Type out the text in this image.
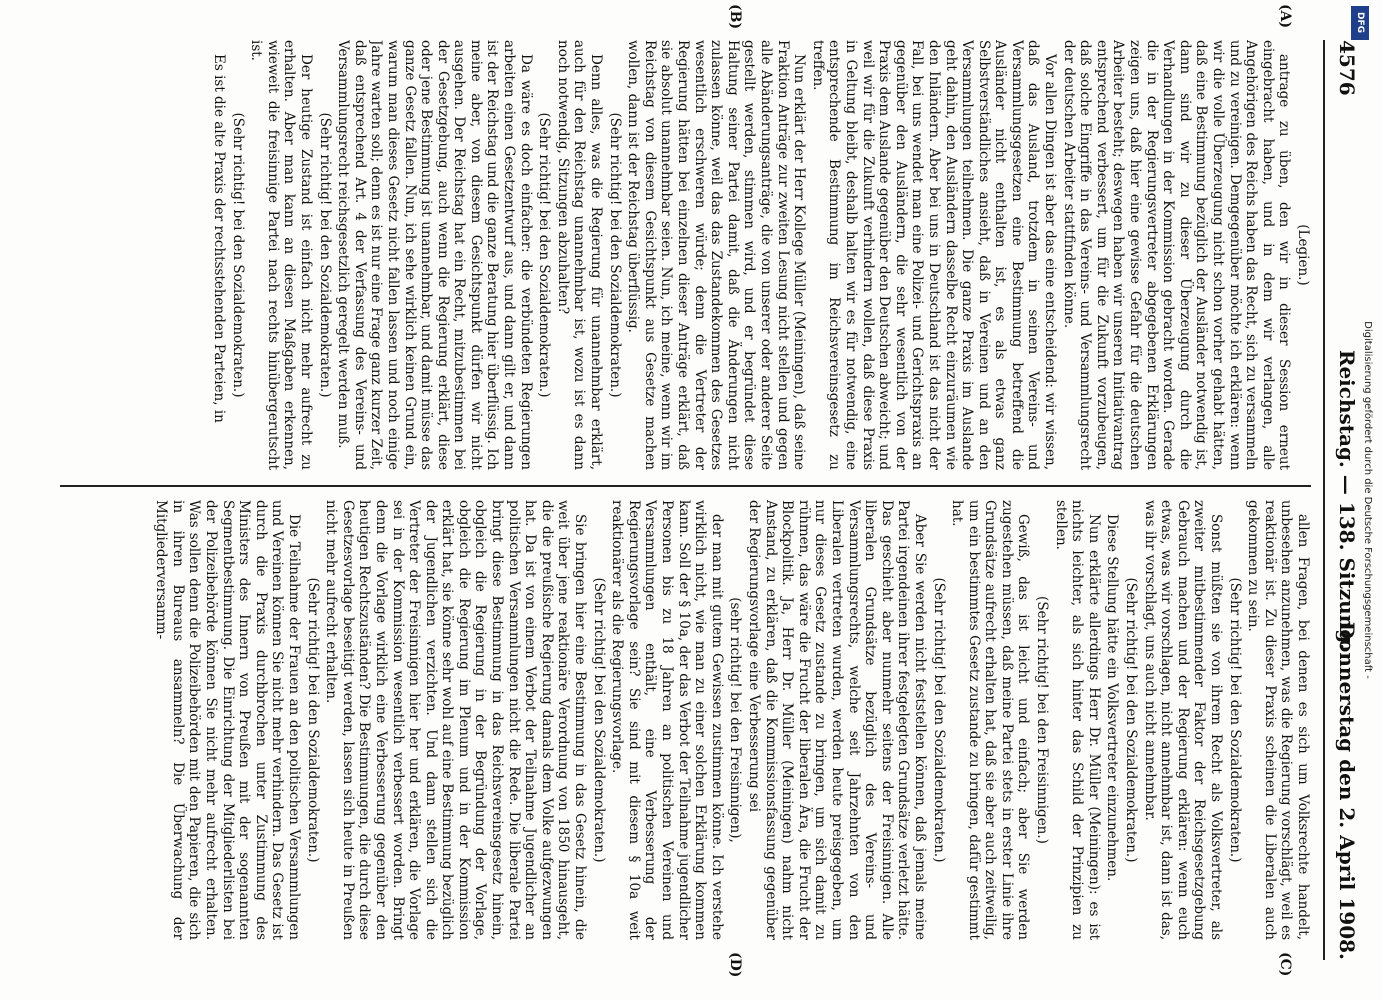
4576
Reichstag. — 138. Sitzung.
Donnerstag den 2. April 1908.
(A)
(B)
(C)
(D)

(Legien.)

antrage zu üben, den wir in dieser Session erneut eingebracht haben, und in dem wir verlangen, alle Angehörigen des Reichs haben das Recht, sich zu versammeln und zu vereinigen. Demgegenüber möchte ich erklären: wenn wir die volle Überzeugung nicht schon vorher gehabt hätten, daß eine Bestimmung bezüglich der Ausländer notwendig ist, dann sind wir zu dieser Überzeugung durch die Verhandlungen in der Kommission gebracht worden. Gerade die in der Regierungsvertreter abgegebenen Erklärungen zeigen uns, daß hier eine gewisse Gefahr für die deutschen Arbeiter besteht; deswegen haben wir unseren Initiativantrag entsprechend verbessert, um für die Zukunft vorzubeugen, daß solche Eingriffe in das Vereins- und Versammlungsrecht der deutschen Arbeiter stattfinden könne.

Vor allen Dingen ist aber das eine entscheidend: wir wissen, daß das Ausland, trotzdem in seinen Vereins- und Versammlungsgesetzen eine Bestimmung betreffend die Ausländer nicht enthalten ist, es als etwas ganz Selbstverständliches ansieht, daß in Vereinen und an den Versammlungen teilnehmen. Die ganze Praxis im Auslande geht dahin, den Ausländern dasselbe Recht einzuräumen wie den Inländern. Aber bei uns in Deutschland ist das nicht der Fall, bei uns wendet man eine Polizei- und Gerichtspraxis an gegenüber den Ausländern, die sehr wesentlich von der Praxis dem Auslande gegenüber den Deutschen abweicht; und weil wir für die Zukunft verhindern wollen, daß diese Praxis in Geltung bleibt, deshalb halten wir es für notwendig, eine entsprechende Bestimmung im Reichsvereinsgesetz zu treffen.

Nun erklärt der Herr Kollege Müller (Meiningen), daß seine Fraktion Anträge zur zweiten Lesung nicht stellen und gegen alle Abänderungsanträge, die von unserer oder anderer Seite gestellt werden, stimmen wird, und er begründet diese Haltung seiner Partei damit, daß die Änderungen nicht zulassen könne, weil das das Zustandekommen des Gesetzes wesentlich erschweren würde; denn die Vertreter der Regierung hätten bei einzelnen dieser Anträge erklärt, daß sie absolut unannehmbar seien. Nun, ich meine, wenn wir im Reichstag von diesem Gesichtspunkt aus Gesetze machen wollen, dann ist der Reichstag überflüssig.

(Sehr richtig! bei den Sozialdemokraten.)

Denn alles, was die Regierung für unannehmbar erklärt, auch für den Reichstag unannehmbar ist, wozu ist es dann noch notwendig, Sitzungen abzuhalten?

(Sehr richtig! bei den Sozialdemokraten.)

Da wäre es doch einfacher: die verbündeten Regierungen arbeiten einen Gesetzentwurf aus, und dann gilt er, und dann ist der Reichstag und die ganze Beratung hier überflüssig. Ich meine aber, von diesem Gesichtspunkt dürfen wir nicht ausgehen. Der Reichstag hat ein Recht, mitzubestimmen bei der Gesetzgebung, auch wenn die Regierung erklärt, diese oder jene Bestimmung ist unannehmbar, und damit müsse das ganze Gesetz fallen. Nun, ich sehe wirklich keinen Grund ein, warum man dieses Gesetz nicht fallen lassen und noch einige Jahre warten soll; denn es ist nur eine Frage ganz kurzer Zeit, daß entsprechend Art. 4 der Verfassung des Vereins- und Versammlungsrecht reichsgesetzlich geregelt werden muß.

(Sehr richtig! bei den Sozialdemokraten.)

Der heutige Zustand ist einfach nicht mehr aufrecht zu erhalten. Aber man kann an diesen Maßgaben erkennen, wieweit die freisinnige Partei nach rechts hinübergerutscht ist.

(Sehr richtig! bei den Sozialdemokraten.)

Es ist die alte Praxis der rechtsstehenden Parteien, in

allen Fragen, bei denen es sich um Volksrechte handelt, unbesehen anzunehmen, was die Regierung vorschlägt, weil es reaktionär ist. Zu dieser Praxis scheinen die Liberalen auch gekommen zu sein.

(Sehr richtig! bei den Sozialdemokraten.)

Sonst müßten sie von ihrem Recht als Volksvertreter, als zweiter mitbestimmender Faktor der Reichsgesetzgebung Gebrauch machen und der Regierung erklären: wenn euch etwas, was wir vorschlagen, nicht annehmbar ist, dann ist das, was ihr vorschlagt, uns auch nicht annehmbar.

(Sehr richtig! bei den Sozialdemokraten.)

Diese Stellung hätte ein Volksvertreter einzunehmen.

Nun erklärte allerdings Herr Dr. Müller (Meiningen): es ist nichts leichter, als sich hinter das Schild der Prinzipien zu stellen.

(Sehr richtig! bei den Freisinnigen.)

Gewiß, das ist leicht und einfach; aber Sie werden zugestehen müssen, daß meine Partei stets in erster Linie ihre Grundsätze aufrecht erhalten hat, daß sie aber auch zeitweilig, um ein bestimmtes Gesetz zustande zu bringen, dafür gestimmt hat.

(Sehr richtig! bei den Sozialdemokraten.)

Aber Sie werden nicht feststellen können, daß jemals meine Partei irgendeinen ihrer festgelegten Grundsätze verletzt hätte. Das geschieht aber nunmehr seitens der Freisinnigen. Alle liberalen Grundsätze bezüglich des Vereins- und Versammlungsrechts, welche seit Jahrzehnten von den Liberalen vertreten wurden, werden heute preisgegeben, um nur dieses Gesetz zustande zu bringen, um sich damit zu rühmen, das wäre die Frucht der liberalen Ära, die Frucht der Blockpolitik. Ja, Herr Dr. Müller (Meiningen) nahm nicht Anstand, zu erklären, daß die Kommissionsfassung gegenüber der Regierungsvorlage eine Verbesserung sei

(sehr richtig! bei den Freisinnigen),

der man mit gutem Gewissen zustimmen könne. Ich verstehe wirklich nicht, wie man zu einer solchen Erklärung kommen kann. Soll der § 10a, der das Verbot der Teilnahme jugendlicher Personen bis zu 18 Jahren an politischen Vereinen und Versammlungen enthält, eine Verbesserung der Regierungsvorlage sein? Sie sind mit diesem § 10a weit reaktionärer als die Regierungsvorlage.

(Sehr richtig! bei den Sozialdemokraten.)

Sie bringen hier eine Bestimmung in das Gesetz hinein, die weit über jene reaktionäre Verordnung von 1850 hinausgeht, die die preußische Regierung damals dem Volke aufgezwungen hat. Da ist von einem Verbot der Teilnahme Jugendlicher an politischen Versammlungen nicht die Rede. Die liberale Partei bringt diese Bestimmung in das Reichsvereinsgesetz hinein, obgleich die Regierung in der Begründung der Vorlage, obgleich die Regierung im Plenum und in der Kommission erklärt hat, sie könne sehr wohl auf eine Bestimmung bezüglich der Jugendlichen verzichten. Und dann stellen sich die Vertreter der Freisinnigen hier her und erklären, die Vorlage sei in der Kommission wesentlich verbessert worden. Bringt denn die Vorlage wirklich eine Verbesserung gegenüber den heutigen Rechtszuständen? Die Bestimmungen, die durch diese Gesetzesvorlage beseitigt werden, lassen sich heute in Preußen nicht mehr aufrecht erhalten.

(Sehr richtig! bei den Sozialdemokraten.)

Die Teilnahme der Frauen an den politischen Versammlungen und Vereinen können Sie nicht mehr verhindern. Das Gesetz ist durch die Praxis durchbrochen unter Zustimmung des Ministers des Innern von Preußen mit der sogenannten Segmentbestimmung. Die Einrichtung der Mitgliederlisten bei der Polizeibehörde können Sie nicht mehr aufrecht erhalten. Was sollen denn die Polizeibehörden mit den Papieren, die sich in ihren Bureaus ansammeln? Die Überwachung der Mitgliederversamm-

DFG
Digitalisierung gefördert durch die Deutsche Forschungsgemeinschaft -
